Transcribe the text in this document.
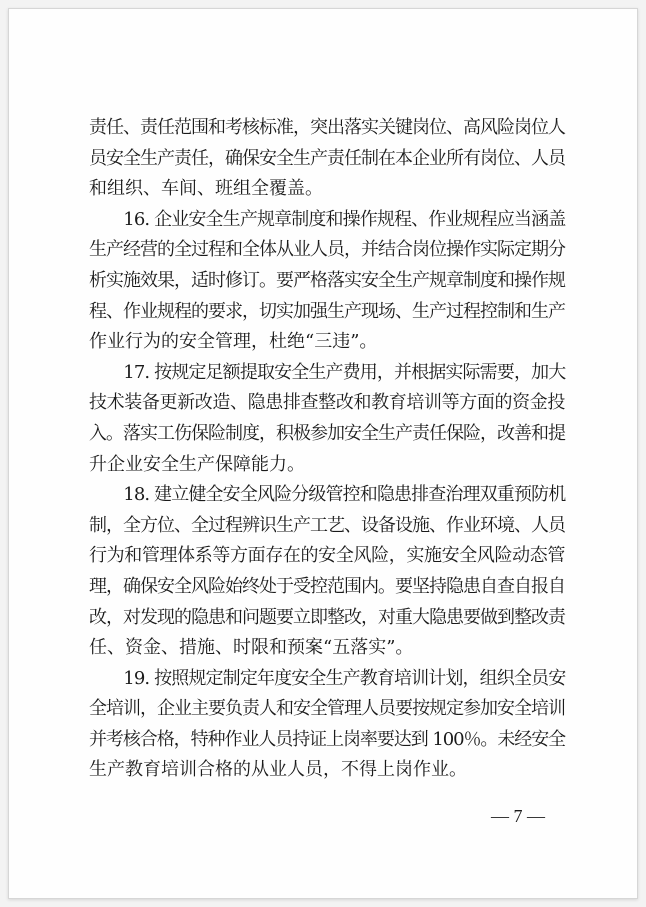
责任、责任范围和考核标准，突出落实关键岗位、高风险岗位人
员安全生产责任，确保安全生产责任制在本企业所有岗位、人员
和组织、车间、班组全覆盖。
　　16. 企业安全生产规章制度和操作规程、作业规程应当涵盖
生产经营的全过程和全体从业人员，并结合岗位操作实际定期分
析实施效果，适时修订。要严格落实安全生产规章制度和操作规
程、作业规程的要求，切实加强生产现场、生产过程控制和生产
作业行为的安全管理，杜绝“三违”。
　　17. 按规定足额提取安全生产费用，并根据实际需要，加大
技术装备更新改造、隐患排查整改和教育培训等方面的资金投
入。落实工伤保险制度，积极参加安全生产责任保险，改善和提
升企业安全生产保障能力。
　　18. 建立健全安全风险分级管控和隐患排查治理双重预防机
制，全方位、全过程辨识生产工艺、设备设施、作业环境、人员
行为和管理体系等方面存在的安全风险，实施安全风险动态管
理，确保安全风险始终处于受控范围内。要坚持隐患自查自报自
改，对发现的隐患和问题要立即整改，对重大隐患要做到整改责
任、资金、措施、时限和预案“五落实”。
　　19. 按照规定制定年度安全生产教育培训计划，组织全员安
全培训，企业主要负责人和安全管理人员要按规定参加安全培训
并考核合格，特种作业人员持证上岗率要达到 100％。未经安全
生产教育培训合格的从业人员，不得上岗作业。
— 7 —
